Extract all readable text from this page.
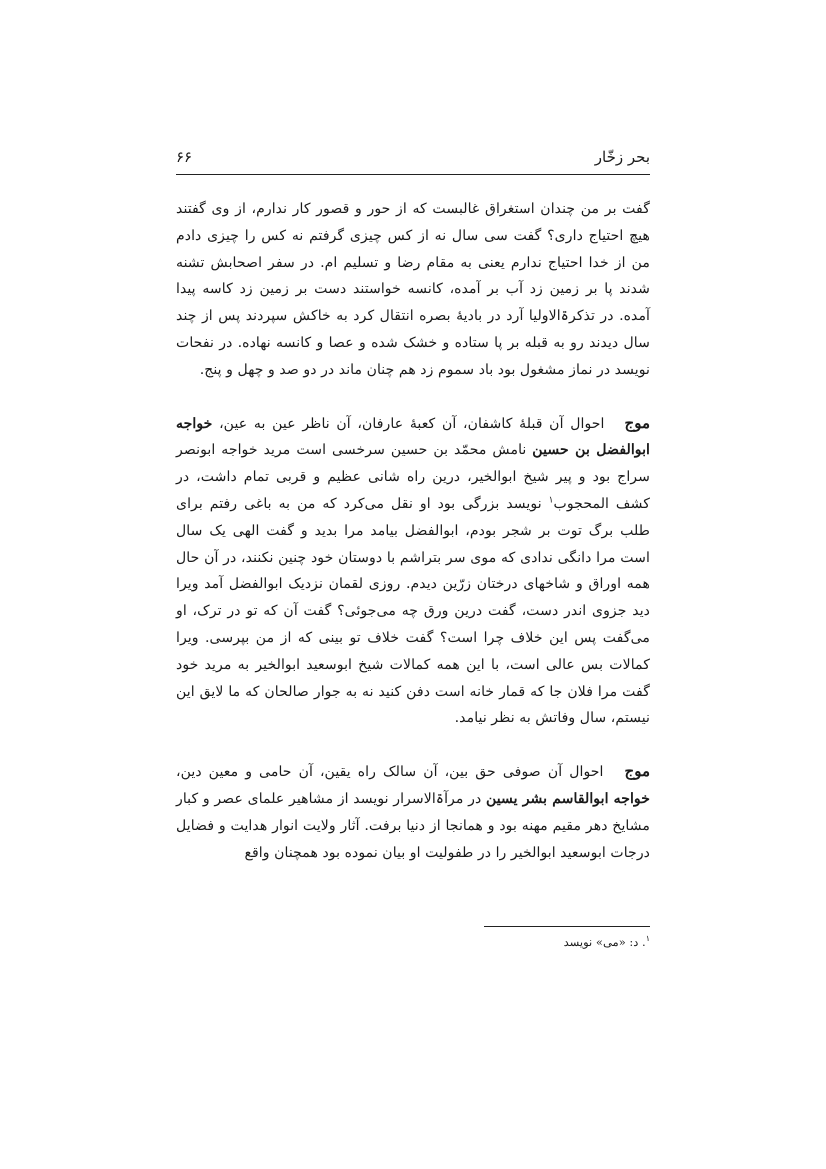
بحر زخّار
۶۶

گفت بر من چندان استغراق غالبست که از حور و قصور کار ندارم، از وی گفتند هیچ احتیاج داری؟ گفت سی سال نه از کس چیزی گرفتم نه کس را چیزی دادم من از خدا احتیاج ندارم یعنی به مقام رضا و تسلیم ام. در سفر اصحابش تشنه شدند پا بر زمین زد آب بر آمده، کانسه خواستند دست بر زمین زد کاسه پیدا آمده. در تذکرۃالاولیا آرد در بادیۀ بصره انتقال کرد به خاکش سپردند پس از چند سال دیدند رو به قبله بر پا ستاده و خشک شده و عصا و کانسه نهاده. در نفحات نویسد در نماز مشغول بود باد سموم زد هم چنان ماند در دو صد و چهل و پنج.

موج   احوال آن قبلۀ کاشفان، آن کعبۀ عارفان، آن ناظر عین به عین، خواجه ابوالفضل بن حسین نامش محمّد بن حسین سرخسی است مرید خواجه ابونصر سراج بود و پیر شیخ ابوالخیر، درین راه شانی عظیم و قربی تمام داشت، در کشف المحجوب$^۱$ نویسد بزرگی بود او نقل می‌کرد که من به باغی رفتم برای طلب برگ توت بر شجر بودم، ابوالفضل بیامد مرا بدید و گفت الهی یک سال است مرا دانگی ندادی که موی سر بتراشم با دوستان خود چنین نکنند، در آن حال همه اوراق و شاخهای درختان زرّین دیدم. روزی لقمان نزدیک ابوالفضل آمد ویرا دید جزوی اندر دست، گفت درین ورق چه می‌جوئی؟ گفت آن که تو در ترک، او می‌گفت پس این خلاف چرا است؟ گفت خلاف تو بینی که از من بپرسی. ویرا کمالات بس عالی است، با این همه کمالات شیخ ابوسعید ابوالخیر به مرید خود گفت مرا فلان جا که قمار خانه است دفن کنید نه به جوار صالحان که ما لایق این نیستم، سال وفاتش به نظر نیامد.

موج   احوال آن صوفی حق بین، آن سالک راه یقین، آن حامی و معین دین، خواجه ابوالقاسم بشر یسین در مرآۃالاسرار نویسد از مشاهیر علمای عصر و کبار مشایخ دهر مقیم مهنه بود و همانجا از دنیا برفت. آثار ولایت انوار هدایت و فضایل درجات ابوسعید ابوالخیر را در طفولیت او بیان نموده بود همچنان واقع

$^۱$. د: «می» نویسد
